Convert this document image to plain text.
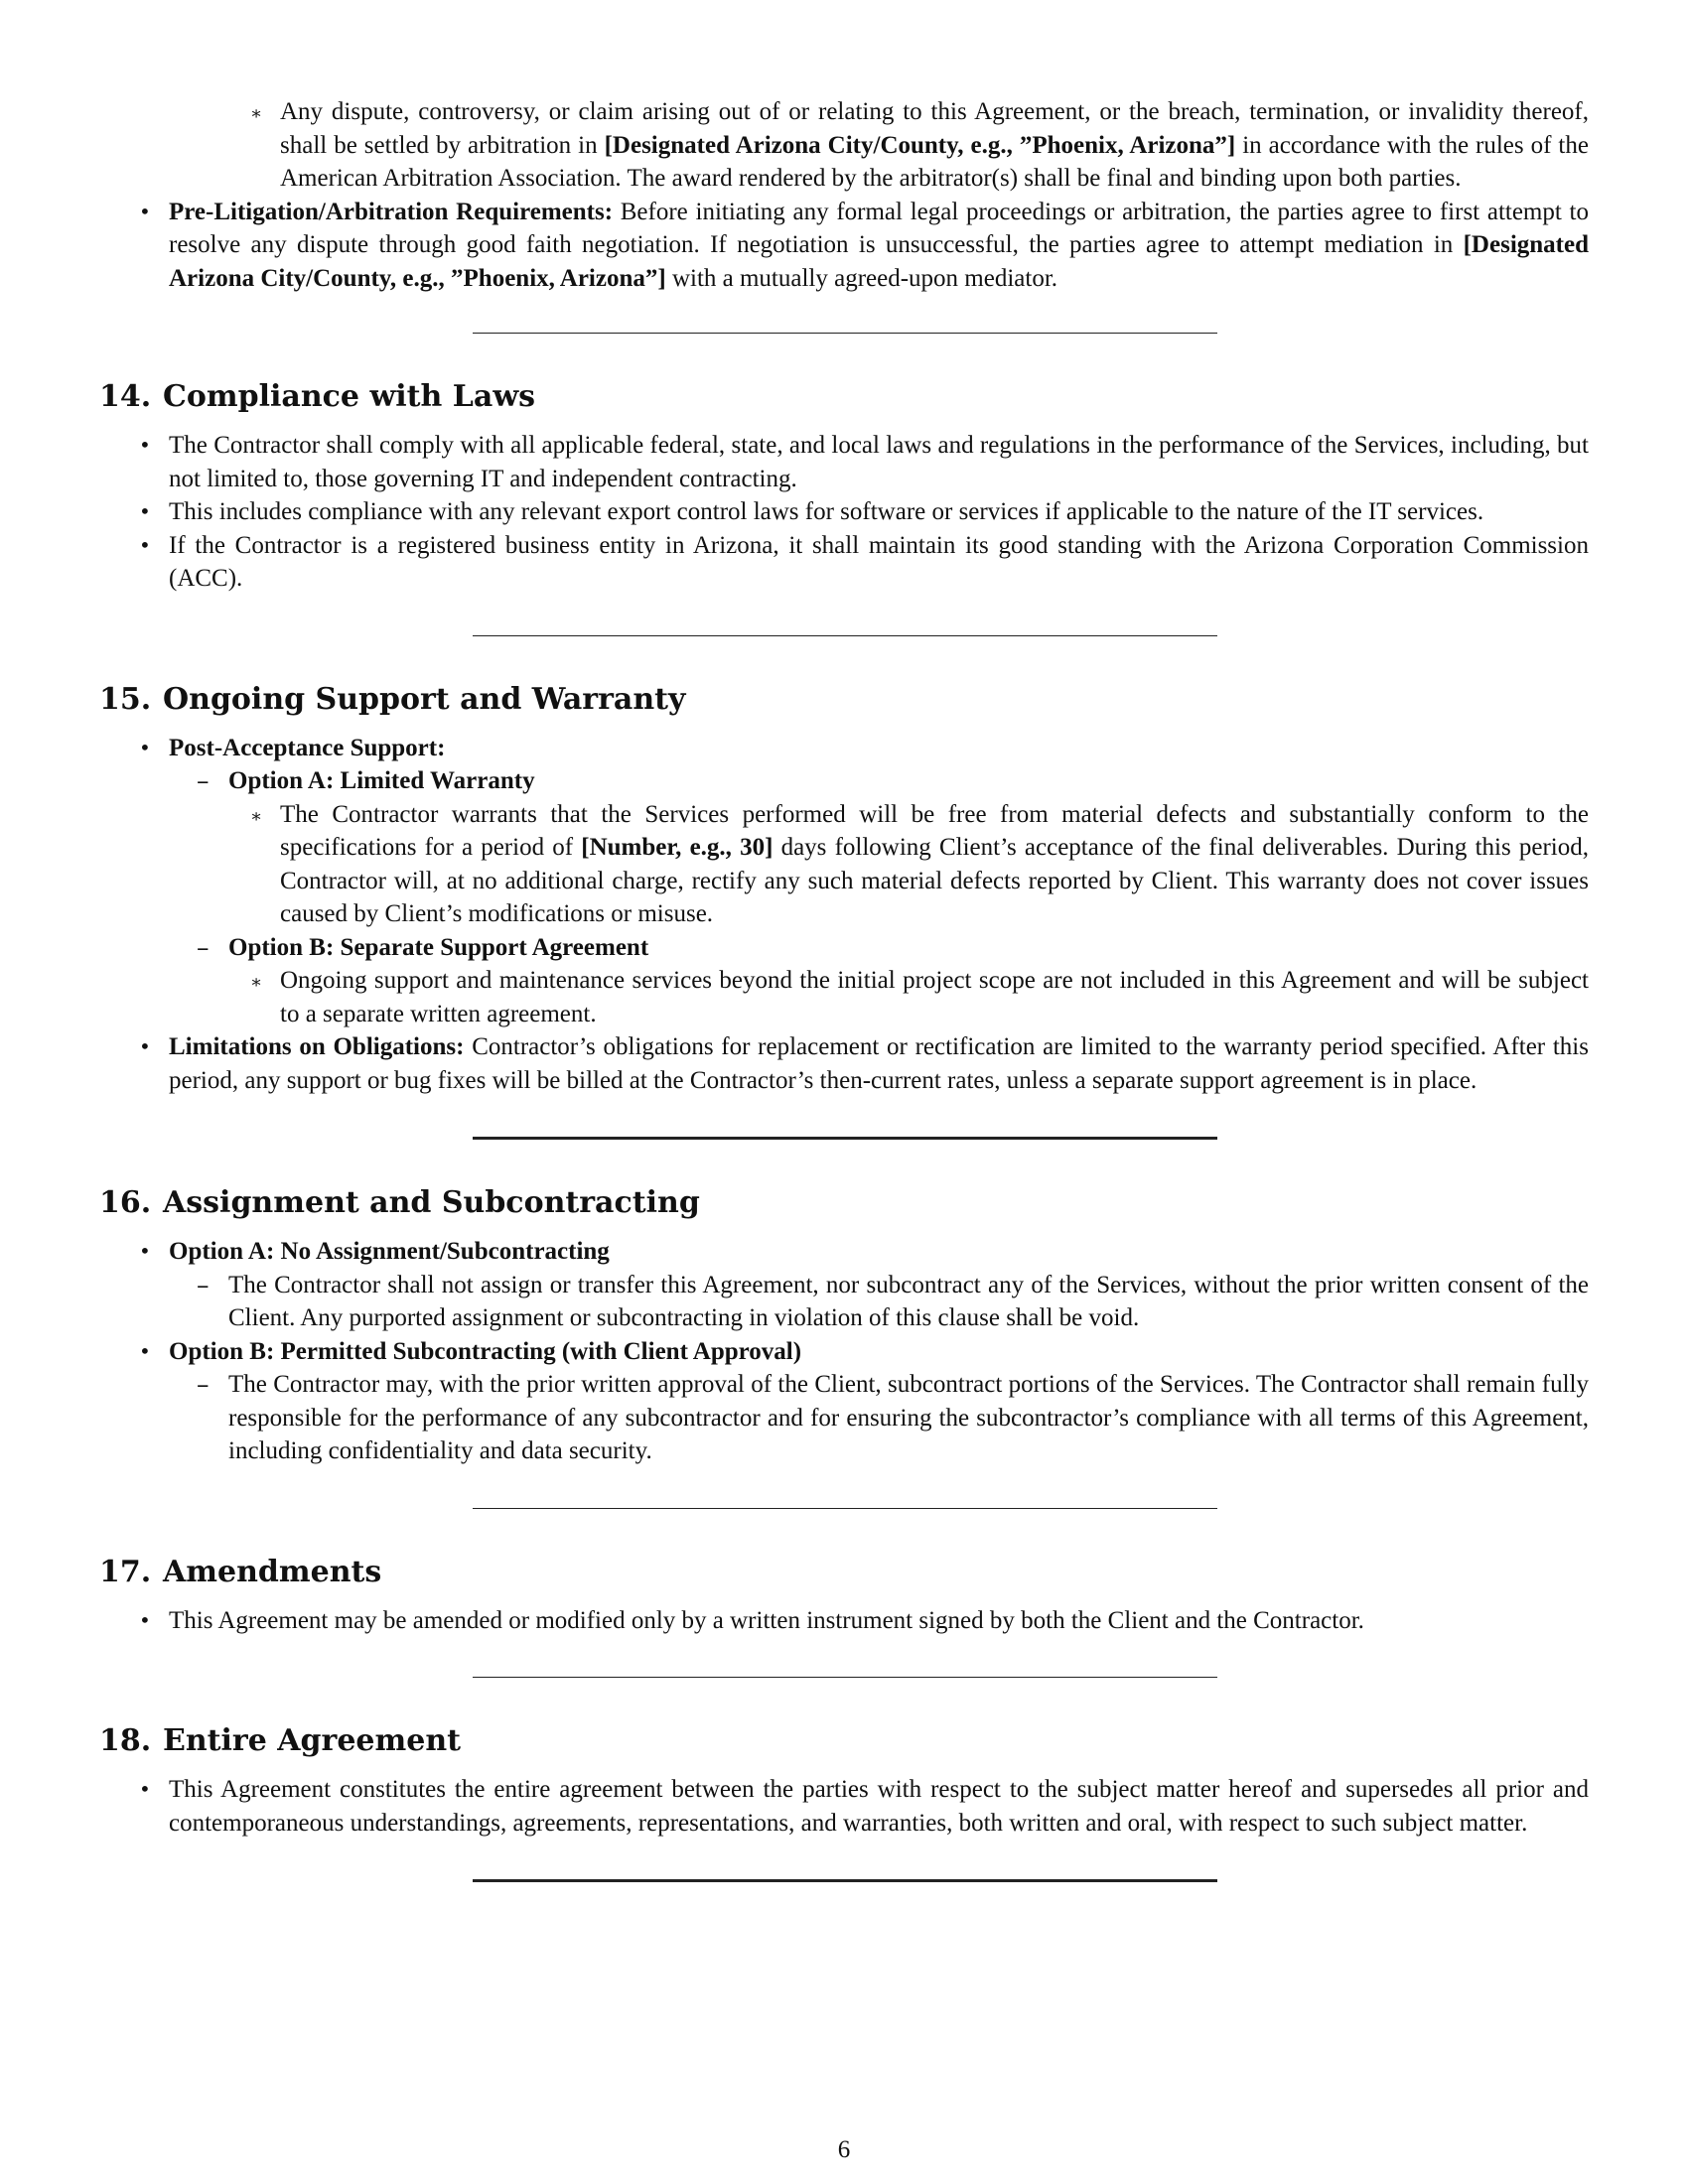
∗ Any dispute, controversy, or claim arising out of or relating to this Agreement, or the breach, termination, or invalidity thereof, shall be settled by arbitration in [Designated Arizona City/County, e.g., ”Phoenix, Arizona”] in accordance with the rules of the American Arbitration Association. The award rendered by the arbitrator(s) shall be final and binding upon both parties.

• Pre-Litigation/Arbitration Requirements: Before initiating any formal legal proceedings or arbitration, the parties agree to first attempt to resolve any dispute through good faith negotiation. If negotiation is unsuccessful, the parties agree to attempt mediation in [Designated Arizona City/County, e.g., ”Phoenix, Arizona”] with a mutually agreed-upon mediator.

14. Compliance with Laws
• The Contractor shall comply with all applicable federal, state, and local laws and regulations in the performance of the Services, including, but not limited to, those governing IT and independent contracting.

• This includes compliance with any relevant export control laws for software or services if applicable to the nature of the IT services.

• If the Contractor is a registered business entity in Arizona, it shall maintain its good standing with the Arizona Corporation Commission (ACC).

15. Ongoing Support and Warranty
• Post-Acceptance Support:

– Option A: Limited Warranty

∗ The Contractor warrants that the Services performed will be free from material defects and substantially conform to the specifications for a period of [Number, e.g., 30] days following Client’s acceptance of the final deliverables. During this period, Contractor will, at no additional charge, rectify any such material defects reported by Client. This warranty does not cover issues caused by Client’s modifications or misuse.

– Option B: Separate Support Agreement

∗ Ongoing support and maintenance services beyond the initial project scope are not included in this Agreement and will be subject to a separate written agreement.

• Limitations on Obligations: Contractor’s obligations for replacement or rectification are limited to the warranty period specified. After this period, any support or bug fixes will be billed at the Contractor’s then-current rates, unless a separate support agreement is in place.

16. Assignment and Subcontracting
• Option A: No Assignment/Subcontracting

– The Contractor shall not assign or transfer this Agreement, nor subcontract any of the Services, without the prior written consent of the Client. Any purported assignment or subcontracting in violation of this clause shall be void.

• Option B: Permitted Subcontracting (with Client Approval)

– The Contractor may, with the prior written approval of the Client, subcontract portions of the Services. The Contractor shall remain fully responsible for the performance of any subcontractor and for ensuring the subcontractor’s compliance with all terms of this Agreement, including confidentiality and data security.

17. Amendments
• This Agreement may be amended or modified only by a written instrument signed by both the Client and the Contractor.

18. Entire Agreement
• This Agreement constitutes the entire agreement between the parties with respect to the subject matter hereof and supersedes all prior and contemporaneous understandings, agreements, representations, and warranties, both written and oral, with respect to such subject matter.

6
